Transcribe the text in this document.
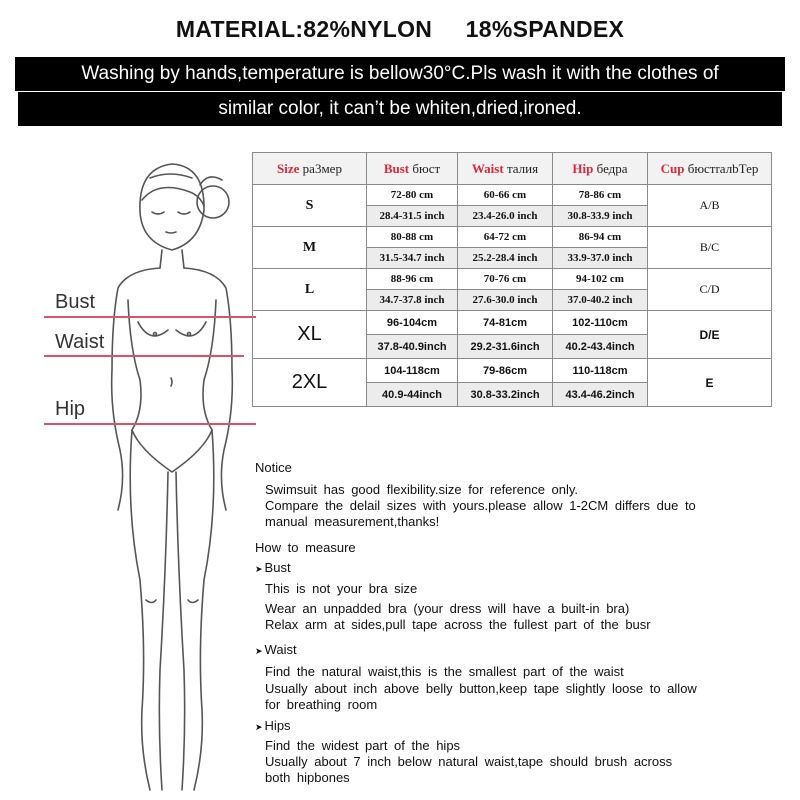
MATERIAL:82%NYLON     18%SPANDEX
Washing by hands,temperature is bellow30°C.Pls wash it with the clothes of
similar color, it can’t be whiten,dried,ironed.
Bust
Waist
Hip
Size pa3мep	Bust бюст	Waist талия	Hip бедра	Cup бюстrалbТер
S	72-80 cm	60-66 cm	78-86 cm	A/B
	28.4-31.5 inch	23.4-26.0 inch	30.8-33.9 inch	
M	80-88 cm	64-72 cm	86-94 cm	B/C
	31.5-34.7 inch	25.2-28.4 inch	33.9-37.0 inch	
L	88-96 cm	70-76 cm	94-102 cm	C/D
	34.7-37.8 inch	27.6-30.0 inch	37.0-40.2 inch	
XL	96-104cm	74-81cm	102-110cm	D/E
	37.8-40.9inch	29.2-31.6inch	40.2-43.4inch	
2XL	104-118cm	79-86cm	110-118cm	E
	40.9-44inch	30.8-33.2inch	43.4-46.2inch	
Notice
Swimsuit has good flexibility.size for reference only.
Compare the delail sizes with yours.please allow 1-2CM differs due to
manual measurement,thanks!
How to measure
➤ Bust
This is not your bra size
Wear an unpadded bra (your dress will have a built-in bra)
Relax arm at sides,pull tape across the fullest part of the busr
➤ Waist
Find the natural waist,this is the smallest part of the waist
Usually about inch above belly button,keep tape slightly loose to allow
for breathing room
➤ Hips
Find the widest part of the hips
Usually about 7 inch below natural waist,tape should brush across
both hipbones
